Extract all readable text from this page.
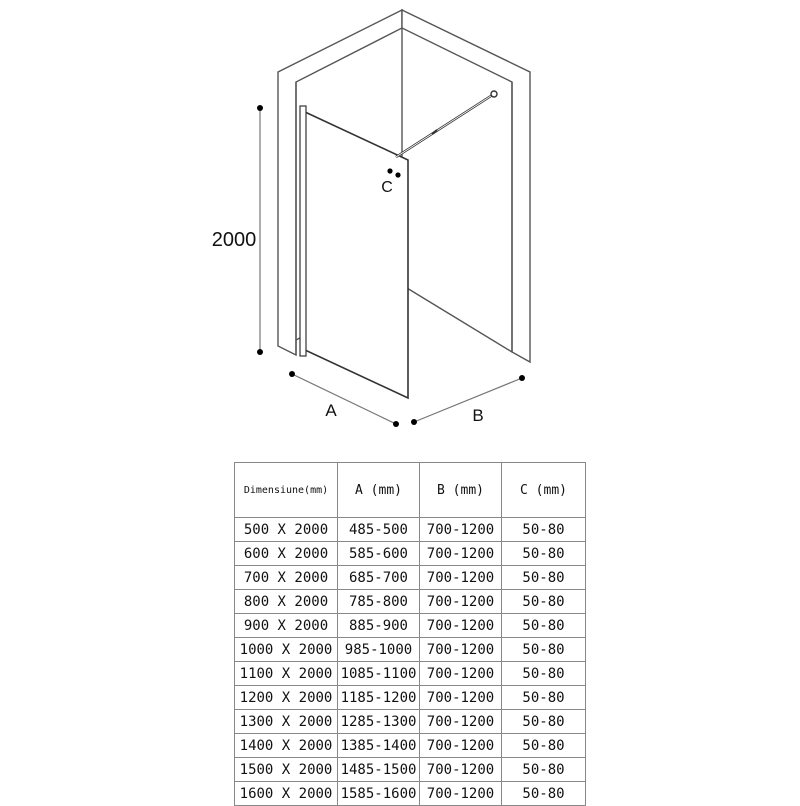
C
2000
A	B
Dimensiune(mm)	A (mm)	B (mm)	C (mm)
500 X 2000	485-500	700-1200	50-80
600 X 2000	585-600	700-1200	50-80
700 X 2000	685-700	700-1200	50-80
800 X 2000	785-800	700-1200	50-80
900 X 2000	885-900	700-1200	50-80
1000 X 2000	985-1000	700-1200	50-80
1100 X 2000	1085-1100	700-1200	50-80
1200 X 2000	1185-1200	700-1200	50-80
1300 X 2000	1285-1300	700-1200	50-80
1400 X 2000	1385-1400	700-1200	50-80
1500 X 2000	1485-1500	700-1200	50-80
1600 X 2000	1585-1600	700-1200	50-80
